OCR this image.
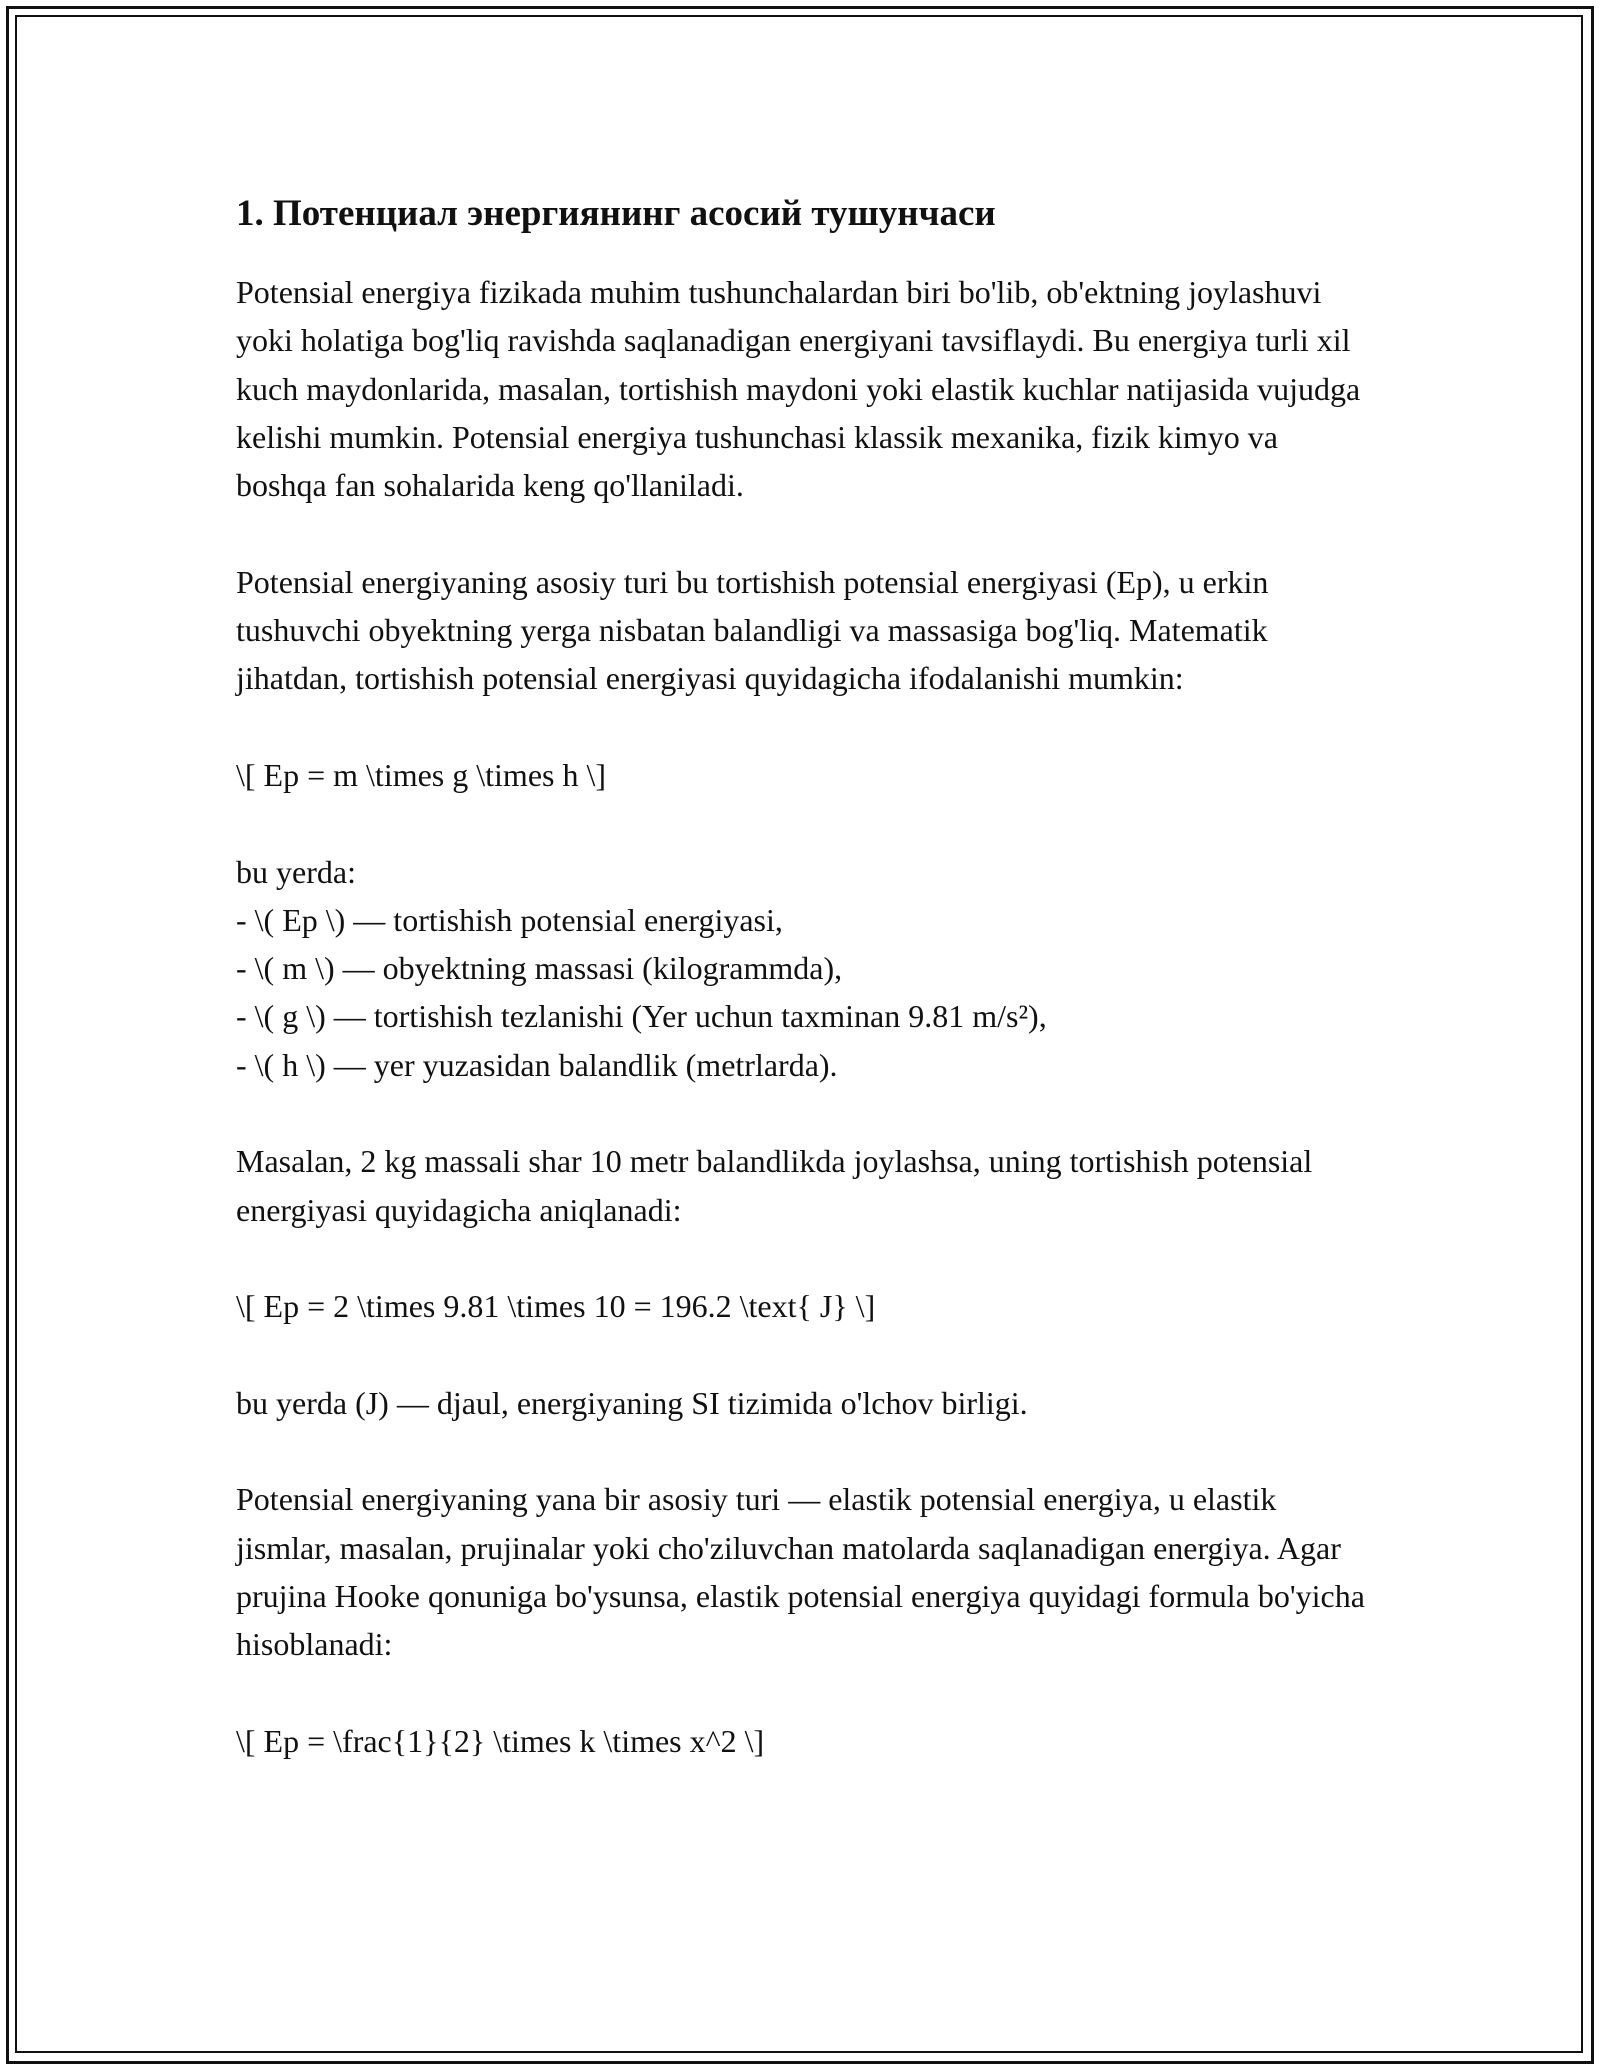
1. Потенциал энергиянинг асосий тушунчаси

Potensial energiya fizikada muhim tushunchalardan biri bo'lib, ob'ektning joylashuvi yoki holatiga bog'liq ravishda saqlanadigan energiyani tavsiflaydi. Bu energiya turli xil kuch maydonlarida, masalan, tortishish maydoni yoki elastik kuchlar natijasida vujudga kelishi mumkin. Potensial energiya tushunchasi klassik mexanika, fizik kimyo va boshqa fan sohalarida keng qo'llaniladi.

Potensial energiyaning asosiy turi bu tortishish potensial energiyasi (Ep), u erkin tushuvchi obyektning yerga nisbatan balandligi va massasiga bog'liq. Matematik jihatdan, tortishish potensial energiyasi quyidagicha ifodalanishi mumkin:

\[ Ep = m \times g \times h \]

bu yerda:

- \( Ep \) — tortishish potensial energiyasi,

- \( m \) — obyektning massasi (kilogrammda),

- \( g \) — tortishish tezlanishi (Yer uchun taxminan 9.81 m/s²),

- \( h \) — yer yuzasidan balandlik (metrlarda).

Masalan, 2 kg massali shar 10 metr balandlikda joylashsa, uning tortishish potensial energiyasi quyidagicha aniqlanadi:

\[ Ep = 2 \times 9.81 \times 10 = 196.2 \text{ J} \]

bu yerda (J) — djaul, energiyaning SI tizimida o'lchov birligi.

Potensial energiyaning yana bir asosiy turi — elastik potensial energiya, u elastik jismlar, masalan, prujinalar yoki cho'ziluvchan matolarda saqlanadigan energiya. Agar prujina Hooke qonuniga bo'ysunsa, elastik potensial energiya quyidagi formula bo'yicha hisoblanadi:

\[ Ep = \frac{1}{2} \times k \times x^2 \]
